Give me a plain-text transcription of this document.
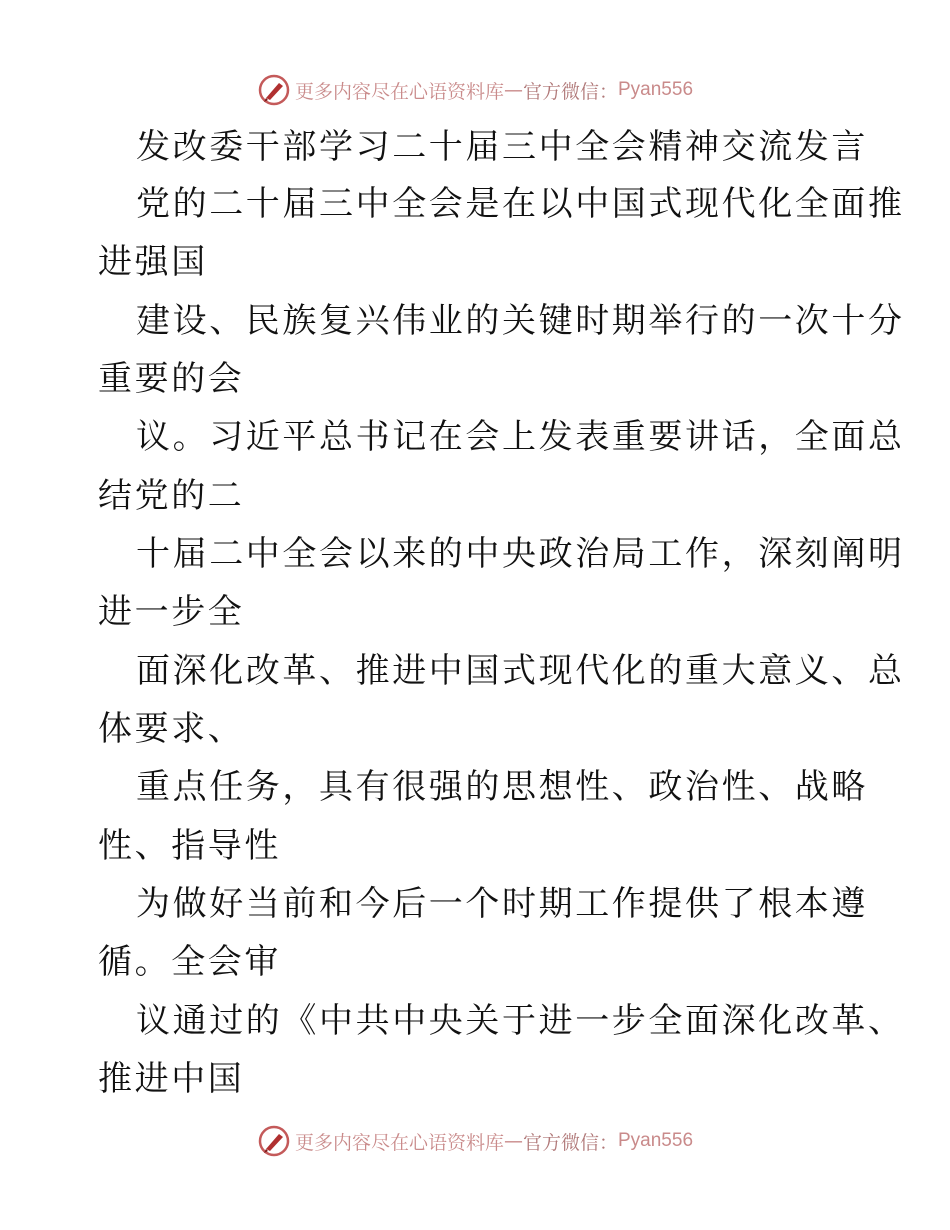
更多内容尽在心语资料库 — 官方微信： Pyan556
发改委干部学习二十届三中全会精神交流发言
党的二十届三中全会是在以中国式现代化全面推
进强国
建设、民族复兴伟业的关键时期举行的一次十分
重要的会
议。习近平总书记在会上发表重要讲话，全面总
结党的二
十届二中全会以来的中央政治局工作，深刻阐明
进一步全
面深化改革、推进中国式现代化的重大意义、总
体要求、
重点任务，具有很强的思想性、政治性、战略
性、指导性
为做好当前和今后一个时期工作提供了根本遵
循。全会审
议通过的《中共中央关于进一步全面深化改革、
推进中国
更多内容尽在心语资料库 — 官方微信： Pyan556
